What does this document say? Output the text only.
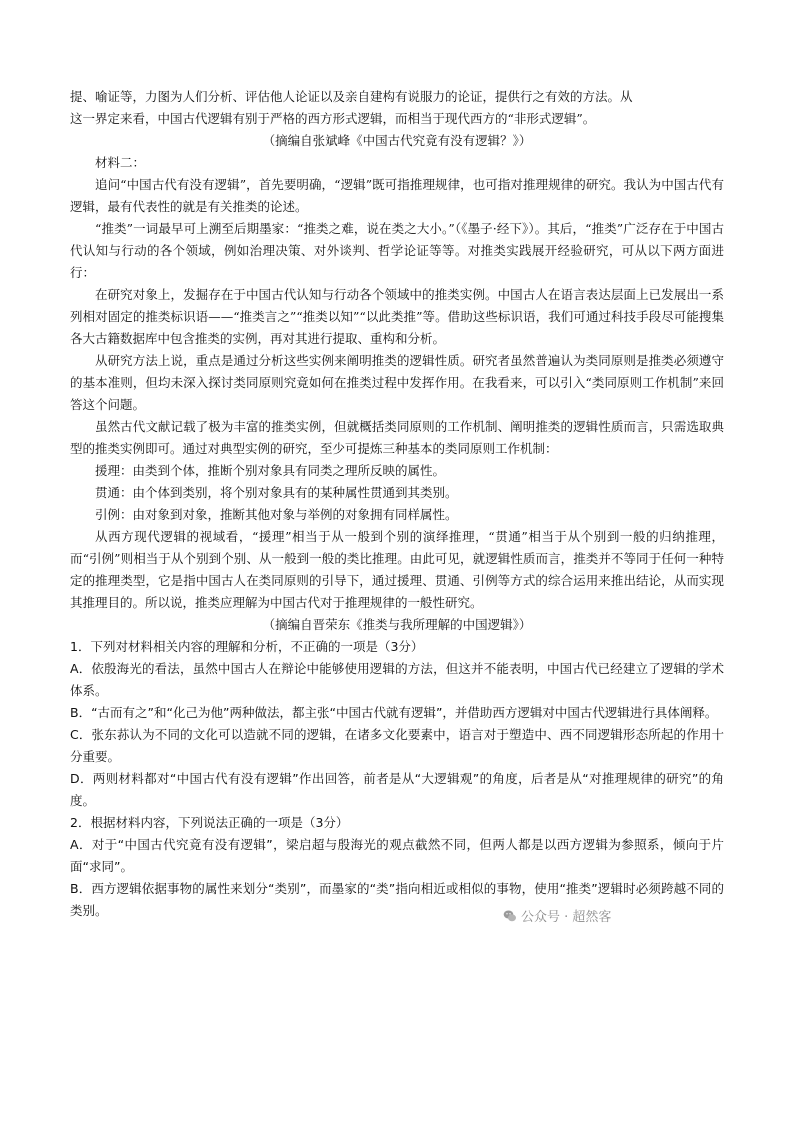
提、喻证等，力图为人们分析、评估他人论证以及亲自建构有说服力的论证，提供行之有效的方法。从

这一界定来看，中国古代逻辑有别于严格的西方形式逻辑，而相当于现代西方的“非形式逻辑”。

（摘编自张斌峰《中国古代究竟有没有逻辑？》）

材料二：

追问“中国古代有没有逻辑”，首先要明确，“逻辑”既可指推理规律，也可指对推理规律的研究。我认为中国古代有逻辑，最有代表性的就是有关推类的论述。

“推类”一词最早可上溯至后期墨家：“推类之难，说在类之大小。”（《墨子·经下》）。其后，“推类”广泛存在于中国古代认知与行动的各个领域，例如治理决策、对外谈判、哲学论证等等。对推类实践展开经验研究，可从以下两方面进行：

在研究对象上，发掘存在于中国古代认知与行动各个领域中的推类实例。中国古人在语言表达层面上已发展出一系列相对固定的推类标识语——“推类言之”“推类以知”“以此类推”等。借助这些标识语，我们可通过科技手段尽可能搜集各大古籍数据库中包含推类的实例，再对其进行提取、重构和分析。

从研究方法上说，重点是通过分析这些实例来阐明推类的逻辑性质。研究者虽然普遍认为类同原则是推类必须遵守的基本准则，但均未深入探讨类同原则究竟如何在推类过程中发挥作用。在我看来，可以引入“类同原则工作机制”来回答这个问题。

虽然古代文献记载了极为丰富的推类实例，但就概括类同原则的工作机制、阐明推类的逻辑性质而言，只需选取典型的推类实例即可。通过对典型实例的研究，至少可提炼三种基本的类同原则工作机制：

援理：由类到个体，推断个别对象具有同类之理所反映的属性。

贯通：由个体到类别，将个别对象具有的某种属性贯通到其类别。

引例：由对象到对象，推断其他对象与举例的对象拥有同样属性。

从西方现代逻辑的视域看，“援理”相当于从一般到个别的演绎推理，“贯通”相当于从个别到一般的归纳推理，而“引例”则相当于从个别到个别、从一般到一般的类比推理。由此可见，就逻辑性质而言，推类并不等同于任何一种特定的推理类型，它是指中国古人在类同原则的引导下，通过援理、贯通、引例等方式的综合运用来推出结论，从而实现其推理目的。所以说，推类应理解为中国古代对于推理规律的一般性研究。

（摘编自晋荣东《推类与我所理解的中国逻辑》）

1．下列对材料相关内容的理解和分析，不正确的一项是（3分）

A．依殷海光的看法，虽然中国古人在辩论中能够使用逻辑的方法，但这并不能表明，中国古代已经建立了逻辑的学术体系。

B．“古而有之”和“化己为他”两种做法，都主张“中国古代就有逻辑”，并借助西方逻辑对中国古代逻辑进行具体阐释。

C．张东荪认为不同的文化可以造就不同的逻辑，在诸多文化要素中，语言对于塑造中、西不同逻辑形态所起的作用十分重要。

D．两则材料都对“中国古代有没有逻辑”作出回答，前者是从“大逻辑观”的角度，后者是从“对推理规律的研究”的角度。

2．根据材料内容，下列说法正确的一项是（3分）

A．对于“中国古代究竟有没有逻辑”，梁启超与殷海光的观点截然不同，但两人都是以西方逻辑为参照系，倾向于片面“求同”。

B．西方逻辑依据事物的属性来划分“类别”，而墨家的“类”指向相近或相似的事物，使用“推类”逻辑时必须跨越不同的类别。	公众号 · 超然客
